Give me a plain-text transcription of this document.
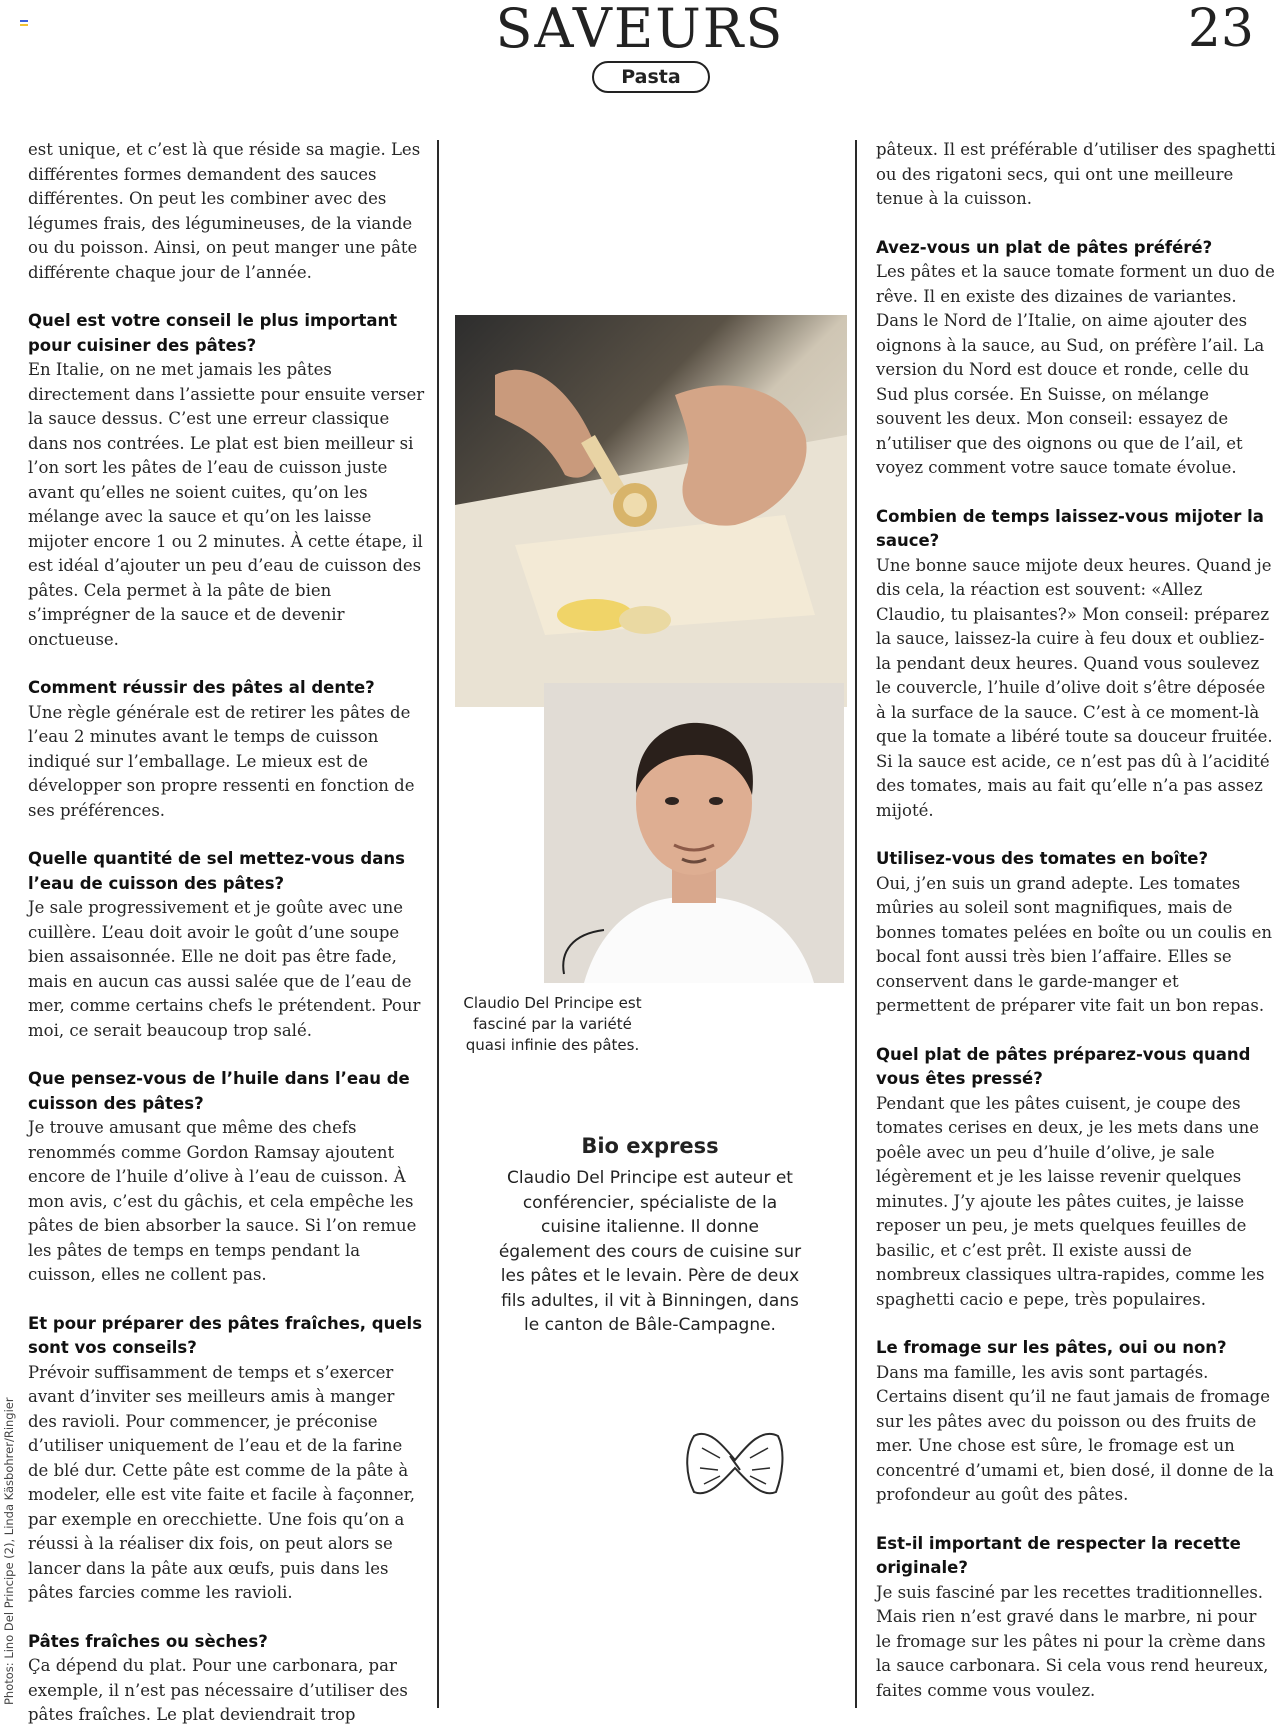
SAVEURS	23
Pasta

est unique, et c’est là que réside sa magie. Les différentes formes demandent des sauces différentes. On peut les combiner avec des légumes frais, des légumineuses, de la viande ou du poisson. Ainsi, on peut manger une pâte différente chaque jour de l’année.

Quel est votre conseil le plus important pour cuisiner des pâtes?

En Italie, on ne met jamais les pâtes directement dans l’assiette pour ensuite verser la sauce dessus. C’est une erreur classique dans nos contrées. Le plat est bien meilleur si l’on sort les pâtes de l’eau de cuisson juste avant qu’elles ne soient cuites, qu’on les mélange avec la sauce et qu’on les laisse mijoter encore 1 ou 2 minutes. À cette étape, il est idéal d’ajouter un peu d’eau de cuisson des pâtes. Cela permet à la pâte de bien s’imprégner de la sauce et de devenir onctueuse.

Comment réussir des pâtes al dente?

Une règle générale est de retirer les pâtes de l’eau 2 minutes avant le temps de cuisson indiqué sur l’emballage. Le mieux est de développer son propre ressenti en fonction de ses préférences.

Quelle quantité de sel mettez-vous dans l’eau de cuisson des pâtes?

Je sale progressivement et je goûte avec une cuillère. L’eau doit avoir le goût d’une soupe bien assaisonnée. Elle ne doit pas être fade, mais en aucun cas aussi salée que de l’eau de mer, comme certains chefs le prétendent. Pour moi, ce serait beaucoup trop salé.

Que pensez-vous de l’huile dans l’eau de cuisson des pâtes?

Je trouve amusant que même des chefs renommés comme Gordon Ramsay ajoutent encore de l’huile d’olive à l’eau de cuisson. À mon avis, c’est du gâchis, et cela empêche les pâtes de bien absorber la sauce. Si l’on remue les pâtes de temps en temps pendant la cuisson, elles ne collent pas.

Et pour préparer des pâtes fraîches, quels sont vos conseils?

Prévoir suffisamment de temps et s’exercer avant d’inviter ses meilleurs amis à manger des ravioli. Pour commencer, je préconise d’utiliser uniquement de l’eau et de la farine de blé dur. Cette pâte est comme de la pâte à modeler, elle est vite faite et facile à façonner, par exemple en orecchiette. Une fois qu’on a réussi à la réaliser dix fois, on peut alors se lancer dans la pâte aux œufs, puis dans les pâtes farcies comme les ravioli.

Pâtes fraîches ou sèches?

Ça dépend du plat. Pour une carbonara, par exemple, il n’est pas nécessaire d’utiliser des pâtes fraîches. Le plat deviendrait trop

Claudio Del Principe est fasciné par la variété quasi infinie des pâtes.
Bio express
Claudio Del Principe est auteur et conférencier, spécialiste de la cuisine italienne. Il donne également des cours de cuisine sur les pâtes et le levain. Père de deux fils adultes, il vit à Binningen, dans le canton de Bâle-Campagne.

pâteux. Il est préférable d’utiliser des spaghetti ou des rigatoni secs, qui ont une meilleure tenue à la cuisson.

Avez-vous un plat de pâtes préféré?

Les pâtes et la sauce tomate forment un duo de rêve. Il en existe des dizaines de variantes. Dans le Nord de l’Italie, on aime ajouter des oignons à la sauce, au Sud, on préfère l’ail. La version du Nord est douce et ronde, celle du Sud plus corsée. En Suisse, on mélange souvent les deux. Mon conseil: essayez de n’utiliser que des oignons ou que de l’ail, et voyez comment votre sauce tomate évolue.

Combien de temps laissez-vous mijoter la sauce?

Une bonne sauce mijote deux heures. Quand je dis cela, la réaction est souvent: «Allez Claudio, tu plaisantes?» Mon conseil: préparez la sauce, laissez-la cuire à feu doux et oubliez-la pendant deux heures. Quand vous soulevez le couvercle, l’huile d’olive doit s’être déposée à la surface de la sauce. C’est à ce moment-là que la tomate a libéré toute sa douceur fruitée. Si la sauce est acide, ce n’est pas dû à l’acidité des tomates, mais au fait qu’elle n’a pas assez mijoté.

Utilisez-vous des tomates en boîte?

Oui, j’en suis un grand adepte. Les tomates mûries au soleil sont magnifiques, mais de bonnes tomates pelées en boîte ou un coulis en bocal font aussi très bien l’affaire. Elles se conservent dans le garde-manger et permettent de préparer vite fait un bon repas.

Quel plat de pâtes préparez-vous quand vous êtes pressé?

Pendant que les pâtes cuisent, je coupe des tomates cerises en deux, je les mets dans une poêle avec un peu d’huile d’olive, je sale légèrement et je les laisse revenir quelques minutes. J’y ajoute les pâtes cuites, je laisse reposer un peu, je mets quelques feuilles de basilic, et c’est prêt. Il existe aussi de nombreux classiques ultra-rapides, comme les spaghetti cacio e pepe, très populaires.

Le fromage sur les pâtes, oui ou non?

Dans ma famille, les avis sont partagés. Certains disent qu’il ne faut jamais de fromage sur les pâtes avec du poisson ou des fruits de mer. Une chose est sûre, le fromage est un concentré d’umami et, bien dosé, il donne de la profondeur au goût des pâtes.

Est-il important de respecter la recette originale?

Je suis fasciné par les recettes traditionnelles. Mais rien n’est gravé dans le marbre, ni pour le fromage sur les pâtes ni pour la crème dans la sauce carbonara. Si cela vous rend heureux, faites comme vous voulez.

Photos: Lino Del Principe (2), Linda Käsbohrer/Ringier
